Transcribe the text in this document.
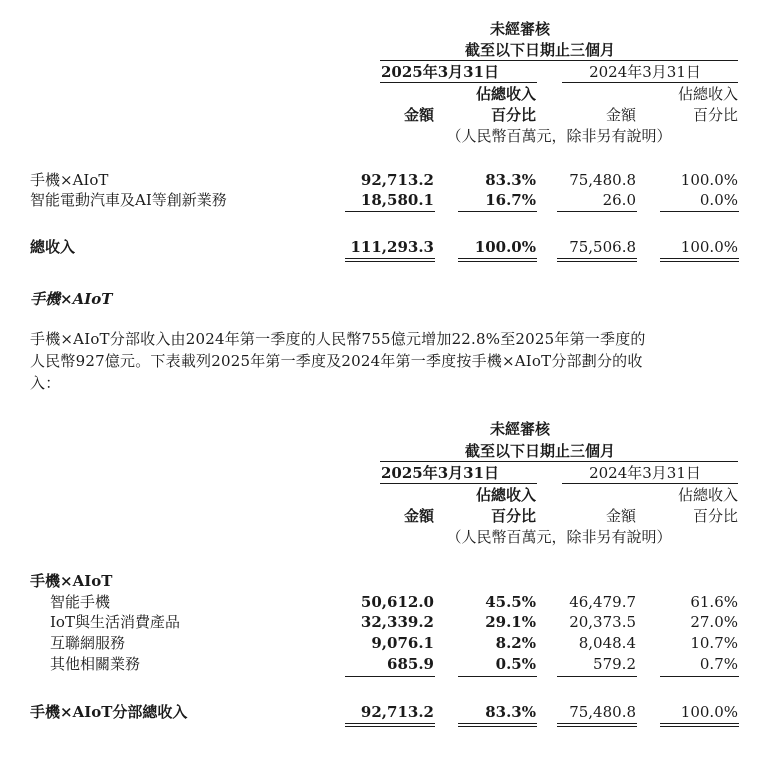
未經審核
截至以下日期止三個月
2025年3月31日	2024年3月31日
佔總收入	佔總收入
金額	百分比	金額	百分比
（人民幣百萬元，除非另有說明）
手機×AIoT	92,713.2	83.3%	75,480.8	100.0%
智能電動汽車及AI等創新業務	18,580.1	16.7%	26.0	0.0%
總收入	111,293.3	100.0%	75,506.8	100.0%
手機×AIoT
手機×AIoT分部收入由2024年第一季度的人民幣755億元增加22.8%至2025年第一季度的
人民幣927億元。下表載列2025年第一季度及2024年第一季度按手機×AIoT分部劃分的收
入：
未經審核
截至以下日期止三個月
2025年3月31日	2024年3月31日
佔總收入	佔總收入
金額	百分比	金額	百分比
（人民幣百萬元，除非另有說明）
手機×AIoT
智能手機	50,612.0	45.5%	46,479.7	61.6%
IoT與生活消費產品	32,339.2	29.1%	20,373.5	27.0%
互聯網服務	9,076.1	8.2%	8,048.4	10.7%
其他相關業務	685.9	0.5%	579.2	0.7%
手機×AIoT分部總收入	92,713.2	83.3%	75,480.8	100.0%
